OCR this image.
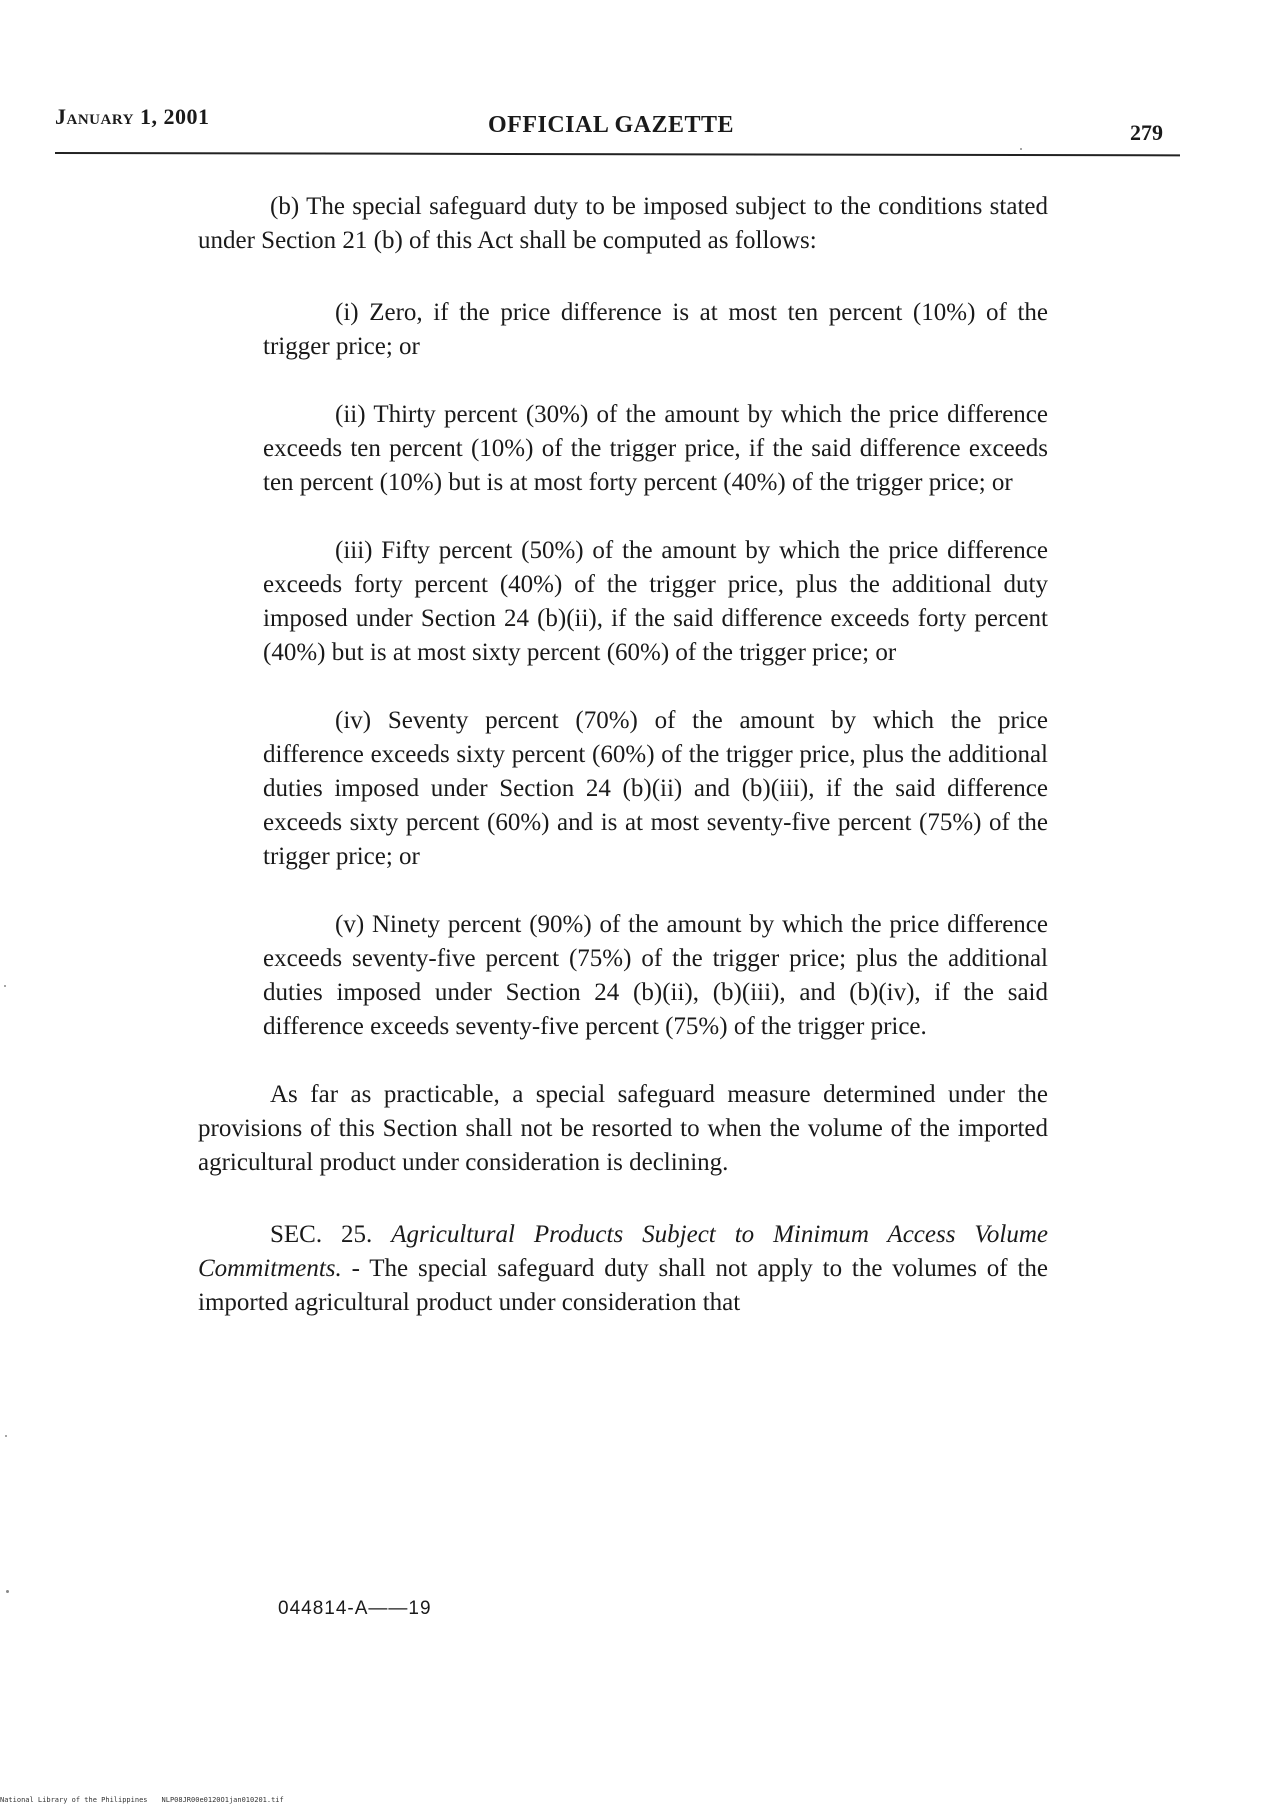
January 1, 2001	OFFICIAL GAZETTE	279

(b) The special safeguard duty to be imposed subject to the conditions stated under Section 21 (b) of this Act shall be computed as follows:

(i) Zero, if the price difference is at most ten percent (10%) of the trigger price; or

(ii) Thirty percent (30%) of the amount by which the price difference exceeds ten percent (10%) of the trigger price, if the said difference exceeds ten percent (10%) but is at most forty percent (40%) of the trigger price; or

(iii) Fifty percent (50%) of the amount by which the price difference exceeds forty percent (40%) of the trigger price, plus the additional duty imposed under Section 24 (b)(ii), if the said difference exceeds forty percent (40%) but is at most sixty percent (60%) of the trigger price; or

(iv) Seventy percent (70%) of the amount by which the price difference exceeds sixty percent (60%) of the trigger price, plus the additional duties imposed under Section 24 (b)(ii) and (b)(iii), if the said difference exceeds sixty percent (60%) and is at most seventy-five percent (75%) of the trigger price; or

(v) Ninety percent (90%) of the amount by which the price difference exceeds seventy-five percent (75%) of the trigger price; plus the additional duties imposed under Section 24 (b)(ii), (b)(iii), and (b)(iv), if the said difference exceeds seventy-five percent (75%) of the trigger price.

As far as practicable, a special safeguard measure determined under the provisions of this Section shall not be resorted to when the volume of the imported agricultural product under consideration is declining.

SEC. 25. Agricultural Products Subject to Minimum Access Volume Commitments. - The special safeguard duty shall not apply to the volumes of the imported agricultural product under consideration that

044814-A——19
National Library of the Philippines NLP08JR00e0120O1jan010201.tif
